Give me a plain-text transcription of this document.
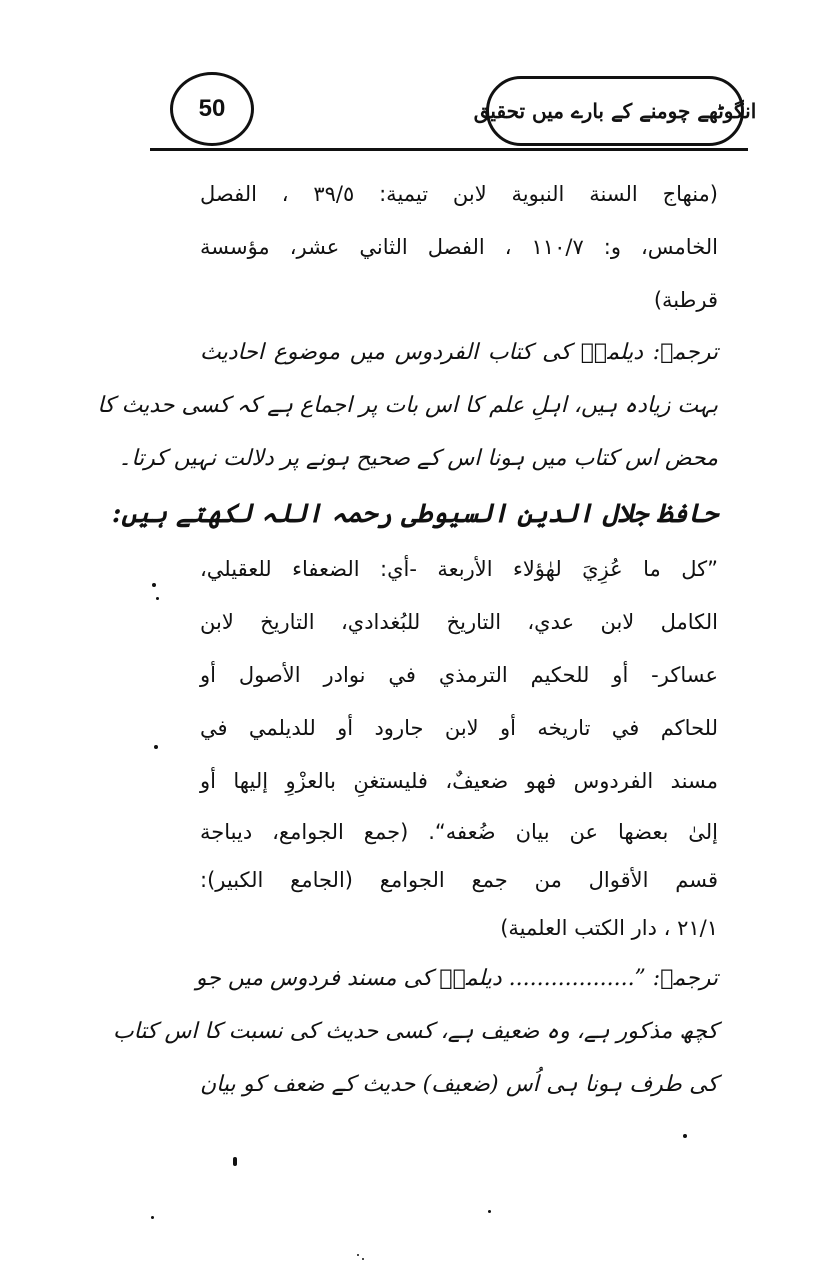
50	انگوٹھے چومنے کے بارے میں تحقیق
(منهاج السنة النبوية لابن تيمية: ٣٩/٥ ، الفصل
الخامس، و: ١١٠/٧ ، الفصل الثاني عشر، مؤسسة
قرطبة)
ترجمہ: دیلمیؒ کی کتاب الفردوس میں موضوع احادیث
بہت زیادہ ہیں، اہلِ علم کا اس بات پر اجماع ہے کہ کسی حدیث کا
محض اس کتاب میں ہونا اس کے صحیح ہونے پر دلالت نہیں کرتا۔
حافظ جلال الدین السیوطی رحمہ اللہ لکھتے ہیں:
”كل ما عُزِيَ لهٰؤلاء الأربعة -أي: الضعفاء للعقيلي،
الكامل لابن عدي، التاريخ للبُغدادي، التاريخ لابن
عساكر- أو للحكيم الترمذي في نوادر الأصول أو
للحاكم في تاريخه أو لابن جارود أو للديلمي في
مسند الفردوس فهو ضعيفٌ، فليستغنِ بالعزْوِ إليها أو
إلىٰ بعضها عن بيان ضُعفه“. (جمع الجوامع، ديباجة
قسم الأقوال من جمع الجوامع (الجامع الكبير):
٢١/١ ، دار الكتب العلمية)
ترجمہ: ”.................. دیلمیؒ کی مسند فردوس میں جو
کچھ مذکور ہے، وہ ضعیف ہے، کسی حدیث کی نسبت کا اس کتاب
کی طرف ہونا ہی اُس (ضعیف) حدیث کے ضعف کو بیان
